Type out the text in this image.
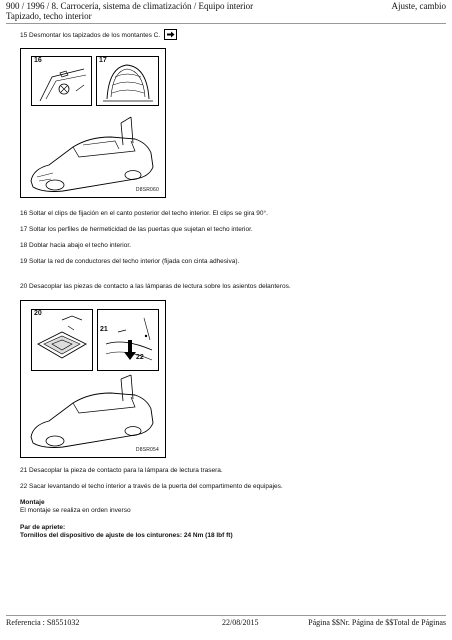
900 / 1996 / 8. Carrocería, sistema de climatización / Equipo interior
Tapizado, techo interior
Ajuste, cambio
15 Desmontar los tapizados de los montantes C.
16	17
D8SR060
16 Soltar el clips de fijación en el canto posterior del techo interior. El clips se gira 90°.
17 Soltar los perfiles de hermeticidad de las puertas que sujetan el techo interior.
18 Doblar hacia abajo el techo interior.
19 Soltar la red de conductores del techo interior (fijada con cinta adhesiva).
20 Desacoplar las piezas de contacto a las lámparas de lectura sobre los asientos delanteros.
20
21
22
D8SR054
21 Desacoplar la pieza de contacto para la lámpara de lectura trasera.
22 Sacar levantando el techo interior a través de la puerta del compartimento de equipajes.
Montaje
El montaje se realiza en orden inverso
Par de apriete:
Tornillos del dispositivo de ajuste de los cinturones: 24 Nm (18 lbf ft)
Referencia : S8551032	22/08/2015	Página $$Nr. Página de $$Total de Páginas
